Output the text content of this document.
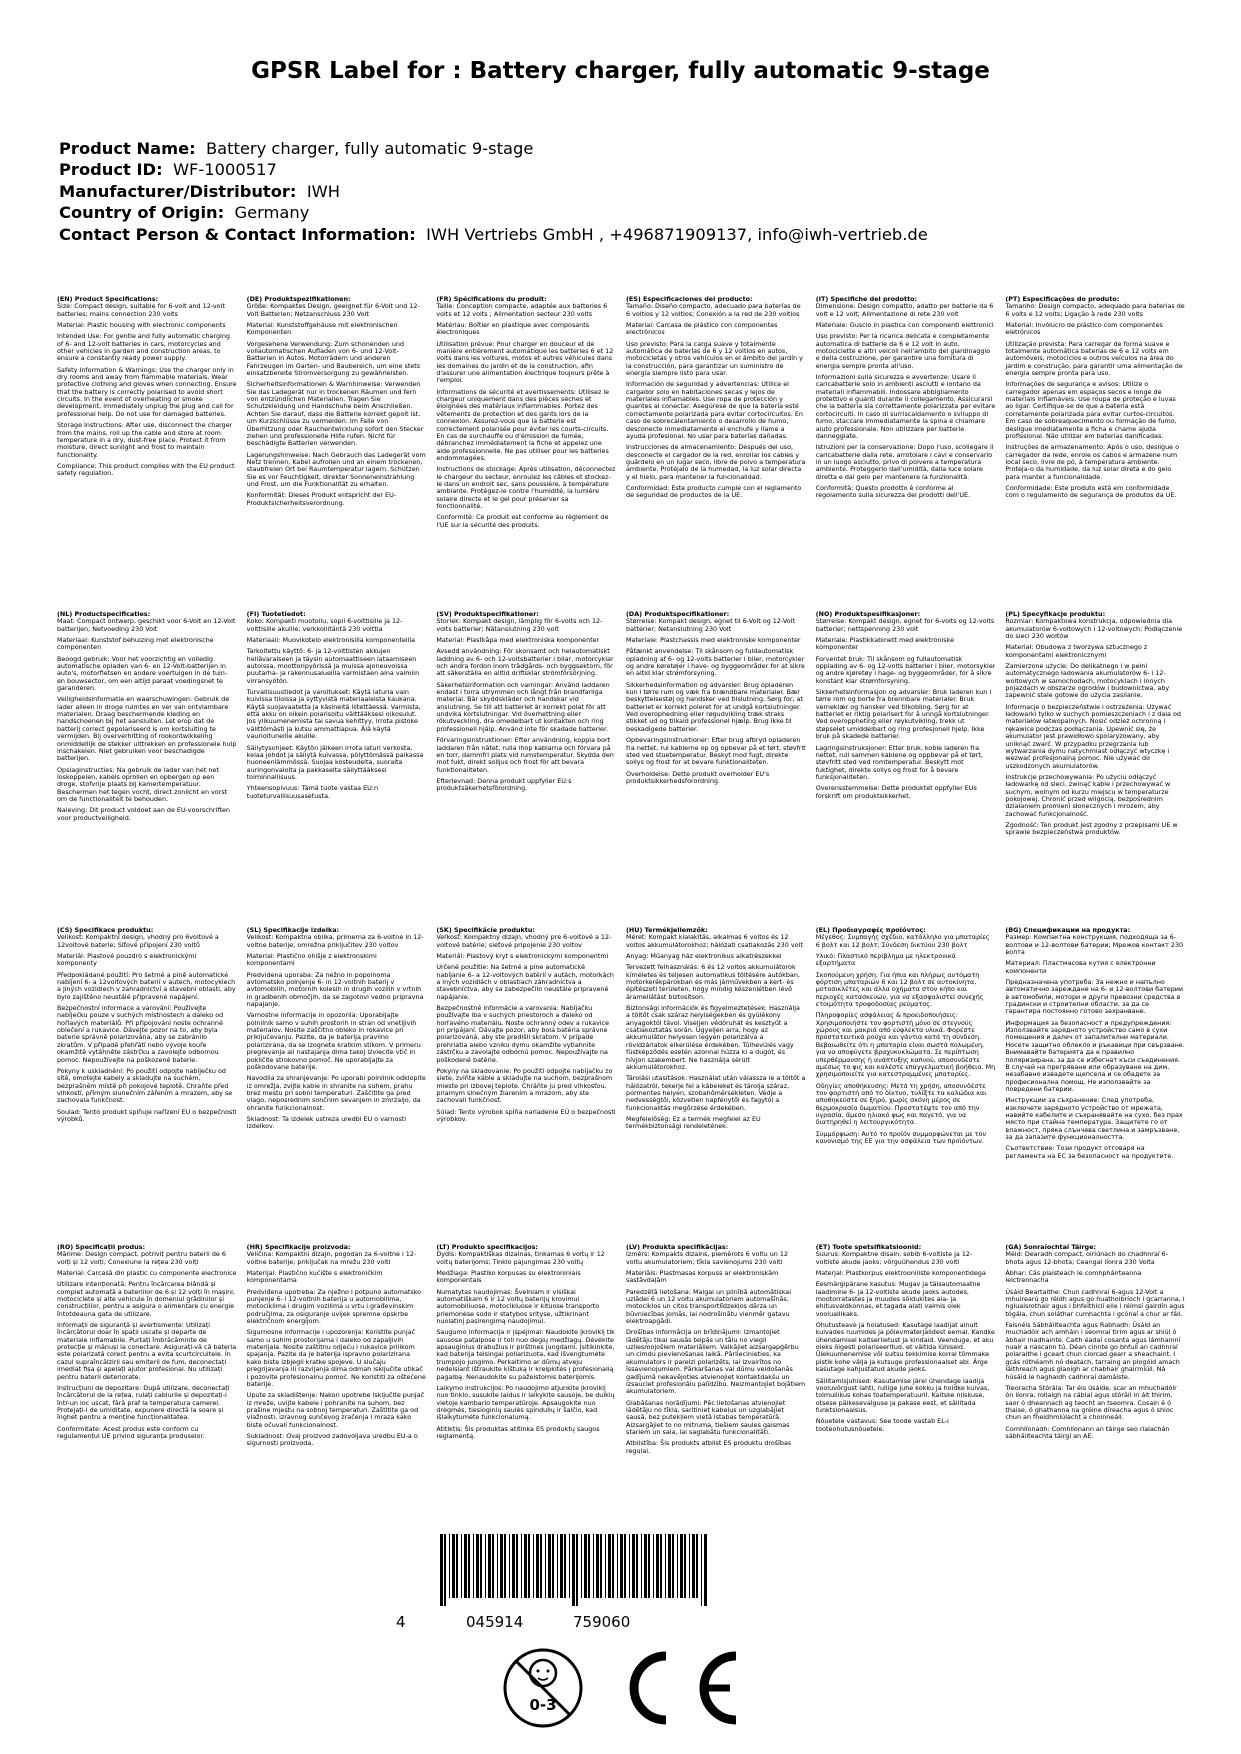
GPSR Label for : Battery charger, fully automatic 9-stage
Product Name: Battery charger, fully automatic 9-stage
Product ID: WF-1000517
Manufacturer/Distributor: IWH
Country of Origin: Germany
Contact Person & Contact Information: IWH Vertriebs GmbH , +496871909137, info@iwh-vertrieb.de
(EN) Product Specifications:

Size: Compact design, suitable for 6-volt and 12-volt batteries; mains connection 230 volts

Material: Plastic housing with electronic components

Intended Use: For gentle and fully automatic charging of 6- and 12-volt batteries in cars, motorcycles and other vehicles in garden and construction areas, to ensure a constantly ready power supply.

Safety Information & Warnings: Use the charger only in dry rooms and away from flammable materials. Wear protective clothing and gloves when connecting. Ensure that the battery is correctly polarised to avoid short circuits. In the event of overheating or smoke development, immediately unplug the plug and call for professional help. Do not use for damaged batteries.

Storage Instructions: After use, disconnect the charger from the mains, roll up the cable and store at room temperature in a dry, dust-free place. Protect it from moisture, direct sunlight and frost to maintain functionality.

Compliance: This product complies with the EU product safety regulation.

(DE) Produktspezifikationen:

Größe: Kompaktes Design, geeignet für 6-Volt und 12-Volt Batterien; Netzanschluss 230 Volt

Material: Kunststoffgehäuse mit elektronischen Komponenten

Vorgesehene Verwendung: Zum schonenden und vollautomatischen Aufladen von 6- und 12-Volt-Batterien in Autos, Motorrädern und anderen Fahrzeugen im Garten- und Baubereich, um eine stets einsatzbereite Stromversorgung zu gewährleisten.

Sicherheitsinformationen & Warnhinweise: Verwenden Sie das Ladegerät nur in trockenen Räumen und fern von entzündlichen Materialien. Tragen Sie Schutzkleidung und Handschuhe beim Anschließen. Achten Sie darauf, dass die Batterie korrekt gepolt ist, um Kurzschlüsse zu vermeiden. Im Falle von Überhitzung oder Rauchentwicklung sofort den Stecker ziehen und professionelle Hilfe rufen. Nicht für beschädigte Batterien verwenden.

Lagerungshinweise: Nach Gebrauch das Ladegerät vom Netz trennen, Kabel aufrollen und an einem trockenen, staubfreien Ort bei Raumtemperatur lagern. Schützen Sie es vor Feuchtigkeit, direkter Sonneneinstrahlung und Frost, um die Funktionalität zu erhalten.

Konformität: Dieses Produkt entspricht der EU-Produktsicherheitsverordnung.

(FR) Spécifications du produit:

Taille: Conception compacte, adaptée aux batteries 6 volts et 12 volts ; Alimentation secteur 230 volts

Matériau: Boîtier en plastique avec composants électroniques

Utilisation prévue: Pour charger en douceur et de manière entièrement automatique les batteries 6 et 12 volts dans les voitures, motos et autres véhicules dans les domaines du jardin et de la construction, afin d'assurer une alimentation électrique toujours prête à l'emploi.

Informations de sécurité et avertissements: Utilisez le chargeur uniquement dans des pièces sèches et éloignées des matériaux inflammables. Portez des vêtements de protection et des gants lors de la connexion. Assurez-vous que la batterie est correctement polarisée pour éviter les courts-circuits. En cas de surchauffe ou d'émission de fumée, débranchez immédiatement la fiche et appelez une aide professionnelle. Ne pas utiliser pour les batteries endommagées.

Instructions de stockage: Après utilisation, déconnectez le chargeur du secteur, enroulez les câbles et stockez-le dans un endroit sec, sans poussière, à température ambiante. Protégez-le contre l'humidité, la lumière solaire directe et le gel pour préserver sa fonctionnalité.

Conformité: Ce produit est conforme au règlement de l'UE sur la sécurité des produits.

(ES) Especificaciones del producto:

Tamaño: Diseño compacto, adecuado para baterías de 6 voltios y 12 voltios; Conexión a la red de 230 voltios

Material: Carcasa de plástico con componentes electrónicos

Uso previsto: Para la carga suave y totalmente automática de baterías de 6 y 12 voltios en autos, motocicletas y otros vehículos en el ámbito del jardín y la construcción, para garantizar un suministro de energía siempre listo para usar.

Información de seguridad y advertencias: Utilice el cargador solo en habitaciones secas y lejos de materiales inflamables. Use ropa de protección y guantes al conectar. Asegúrese de que la batería esté correctamente polarizada para evitar cortocircuitos. En caso de sobrecalentamiento o desarrollo de humo, desconecte inmediatamente el enchufe y llame a ayuda profesional. No usar para baterías dañadas.

Instrucciones de almacenamiento: Después del uso, desconecte el cargador de la red, enrollar los cables y guárdelo en un lugar seco, libre de polvo a temperatura ambiente. Protéjalo de la humedad, la luz solar directa y el hielo, para mantener la funcionalidad.

Conformidad: Este producto cumple con el reglamento de seguridad de productos de la UE.

(IT) Specifiche del prodotto:

Dimensione: Design compatto, adatto per batterie da 6 volt e 12 volt; Alimentazione di rete 230 volt

Materiale: Guscio in plastica con componenti elettronici

Uso previsto: Per la ricarica delicata e completamente automatica di batterie da 6 e 12 volt in auto, motociclette e altri veicoli nell'ambito del giardinaggio e della costruzione, per garantire una fornitura di energia sempre pronta all'uso.

Informazioni sulla sicurezza e avvertenze: Usare il caricabatterie solo in ambienti asciutti e lontano da materiali infiammabili. Indossare abbigliamento protettivo e guanti durante il collegamento. Assicurarsi che la batteria sia correttamente polarizzata per evitare cortocircuiti. In caso di surriscaldamento o sviluppo di fumo, staccare immediatamente la spina e chiamare aiuto professionale. Non utilizzare per batterie danneggiate.

Istruzioni per la conservazione: Dopo l'uso, scollegare il caricabatterie dalla rete, arrotolare i cavi e conservarlo in un luogo asciutto, privo di polvere a temperatura ambiente. Proteggerlo dall'umidità, dalla luce solare diretta e dal gelo per mantenere la funzionalità.

Conformità: Questo prodotto è conforme al regolamento sulla sicurezza dei prodotti dell'UE.

(PT) Especificações do produto:

Tamanho: Design compacto, adequado para baterias de 6 volts e 12 volts; Ligação à rede 230 volts

Material: Invólucro de plástico com componentes eletrónicos

Utilização prevista: Para carregar de forma suave e totalmente automática baterias de 6 e 12 volts em automóveis, motociclos e outros veículos na área do jardim e construção, para garantir uma alimentação de energia sempre pronta para uso.

Informações de segurança e avisos: Utilize o carregador apenas em espaços secos e longe de materiais inflamáveis. Use roupa de proteção e luvas ao ligar. Certifique-se de que a bateria está corretamente polarizada para evitar curtos-circuitos. Em caso de sobreaquecimento ou formação de fumo, desligue imediatamente a ficha e chame ajuda profissional. Não utilizar em baterias danificadas.

Instruções de armazenamento: Após o uso, desligue o carregador da rede, enrole os cabos e armazene num local seco, livre de pó, à temperatura ambiente. Proteja-o da humidade, da luz solar direta e do gelo para manter a funcionalidade.

Conformidade: Este produto está em conformidade com o regulamento de segurança de produtos da UE.

(NL) Productspecificaties:

Maat: Compact ontwerp, geschikt voor 6-Volt en 12-Volt batterijen; Netvoeding 230 Volt

Materiaal: Kunststof behuizing met elektronische componenten

Beoogd gebruik: Voor het voorzichtig en volledig automatische opladen van 6- en 12-Volt-batterijen in auto's, motorfietsen en andere voertuigen in de tuin- en bouwsector, om een altijd paraat voedingsnet te garanderen.

Veiligheidsinformatie en waarschuwingen: Gebruik de lader alleen in droge ruimtes en ver van ontvlambare materialen. Draag beschermende kleding en handschoenen bij het aansluiten. Let erop dat de batterij correct gepolariseerd is om kortsluiting te vermijden. Bij oververhitting of rookontwikkeling onmiddellijk de stekker uittrekken en professionele hulp inschakelen. Niet gebruiken voor beschadigde batterijen.

Opslaginstructies: Na gebruik de lader van het net loskoppelen, kabels oprollen en opbergen op een droge, stofvrije plaats bij kamertemperatuur. Beschermen het tegen vocht, direct zonlicht en vorst om de functionaliteit te behouden.

Naleving: Dit product voldoet aan de EU-voorschriften voor productveiligheid.

(FI) Tuotetiedot:

Koko: Kompakti muotoilu, sopii 6-volttisille ja 12-volttisille akuille; verkkoliitäntä 230 volttia

Materiaali: Muovikotelo elektronisilla komponenteilla

Tarkoitettu käyttö: 6- ja 12-volttisten akkujen hellävaraiseen ja täysin automaattiseen lataamiseen autoissa, moottoripyörissä ja muissa ajoneuvoissa puutarha- ja rakennusalueilla varmistaen aina valmiin virransyötön.

Turvallisuustiedot ja varoitukset: Käytä laturia vain kuivissa tiloissa ja syttyvistä materiaaleista kaukana. Käytä suojavaatetta ja käsineitä liitettäessä. Varmista, että akku on oikein polarisoitu välttääksesi oikosulut. Jos ylikuumenemista tai savua kehittyy, irrota pistoke välittömästi ja kutsu ammattiapua. Älä käytä vaurioituneille akuille.

Säilytysohjeet: Käytön jälkeen irrota laturi verkosta, kelaa johdot ja säilytä kuivassa, pölyttömässä paikassa huoneenlämmössä. Suojaa kosteudelta, suoralta auringonvalolta ja pakkaselta säilyttääksesi toiminnallisuus.

Yhteensopivuus: Tämä tuote vastaa EU:n tuoteturvallisuusasetusta.

(SV) Produktspecifikationer:

Storlek: Kompakt design, lämplig för 6-volts och 12-volts batterier; Nätanslutning 230 volt

Material: Plastkåpa med elektroniska komponenter

Avsedd användning: För skonsamt och helautomatiskt laddning av 6- och 12-voltsbatterier i bilar, motorcyklar och andra fordon inom trädgårds- och byggsektorn, för att säkerställa en alltid driftsklar strömförsörjning.

Säkerhetsinformation och varningar: Använd laddaren endast i torra utrymmen och långt från brandfarliga material. Bär skyddskläder och handskar vid anslutning. Se till att batteriet är korrekt polat för att undvika kortslutningar. Vid överhettning eller rökutveckling, dra omedelbart ut kontakten och ring professionell hjälp. Använd inte för skadade batterier.

Förvaringsinstruktioner: Efter användning, koppla bort laddaren från nätet, rulla ihop kablarna och förvara på en torr, dammfri plats vid rumstemperatur. Skydda den mot fukt, direkt solljus och frost för att bevara funktionaliteten.

Efterlevnad: Denna produkt uppfyller EU:s produktsäkerhetsförordning.

(DA) Produktspecifikationer:

Størrelse: Kompakt design, egnet til 6-Volt og 12-Volt batterier; Netanslutning 230 Volt

Materiale: Plastchassis med elektroniske komponenter

Påtænkt anvendelse: Til skånsom og fuldautomatisk opladning af 6- og 12-volts batterier i biler, motorcykler og andre køretøjer i have- og byggeområder for at sikre en altid klar strømforsyning.

Sikkerhedsinformation og advarsler: Brug opladeren kun i tørre rum og væk fra brændbare materialer. Bær beskyttelsestøj og handsker ved tilslutning. Sørg for, at batteriet er korrekt poleret for at undgå kortslutninger. Ved overophedning eller røgudvikling træk straks stikket ud og tilkald professionel hjælp. Brug ikke til beskadigede batterier.

Opbevaringsinstruktioner: Efter brug afbryd opladeren fra nettet, rul kablerne op og opbevar på et tørt, støvfrit sted ved stuetemperatur. Beskyt mod fugt, direkte sollys og frost for at bevare funktionaliteten.

Overholdelse: Dette produkt overholder EU's produktsikkerhedsforordning.

(NO) Produktspesifikasjoner:

Størrelse: Kompakt design, egnet for 6-volts og 12-volts batterier; nettspenning 230 volt

Materiale: Plastikkabinett med elektroniske komponenter

Forventet bruk: Til skånsom og fullautomatisk opplading av 6- og 12-volts batterier i biler, motorsykler og andre kjøretøy i hage- og byggeområder, for å sikre konstant klar strømforsyning.

Sikkerhetsinformasjon og advarsler: Bruk laderen kun i tørre rom og borte fra brennbare materialer. Bruk verneklær og hansker ved tilkobling. Sørg for at batteriet er riktig polarisert for å unngå kortslutninger. Ved overoppheting eller røykutvikling, trekk ut støpselet umiddelbart og ring profesjonell hjelp. Ikke bruk på skadede batterier.

Lagringsinstruksjoner: Etter bruk, koble laderen fra nettet, rull sammen kablene og oppbevar på et tørt, støvfritt sted ved romtemperatur. Beskytt mot fuktighet, direkte sollys og frost for å bevare funksjonaliteten.

Overensstemmelse: Dette produktet oppfyller EUs forskrift om produktsikkerhet.

(PL) Specyfikacje produktu:

Rozmiar: Kompaktowa konstrukcja, odpowiednia dla akumulatorów 6-voltowych i 12-voltowych; Podłączenie do sieci 230 woltów

Materiał: Obudowa z tworzywa sztucznego z komponentami elektronicznymi

Zamierzone użycie: Do delikatnego i w pełni automatycznego ładowania akumulatorów 6- i 12-woltowych w samochodach, motocyklach i innych pojazdach w obszarze ogrodów i budownictwa, aby zapewnić stale gotowe do użycia zasilanie.

Informacje o bezpieczeństwie i ostrzeżenia: Używać ładowarki tylko w suchych pomieszczeniach i z dala od materiałów łatwopalnych. Nosić odzież ochronną i rękawice podczas podłączania. Upewnić się, że akumulator jest prawidłowo spolaryzowany, aby uniknąć zwarć. W przypadku przegrzania lub wytwarzania dymu natychmiast odłączyć wtyczkę i wezwać profesjonalną pomoc. Nie używać do uszkodzonych akumulatorów.

Instrukcje przechowywania: Po użyciu odłączyć ładowarkę od sieci, zwinąć kable i przechowywać w suchym, wolnym od kurzu miejscu w temperaturze pokojowej. Chronić przed wilgocią, bezpośrednim działaniem promieni słonecznych i mrozem, aby zachować funkcjonalność.

Zgodność: Ten produkt jest zgodny z przepisami UE w sprawie bezpieczeństwa produktów.

(CS) Specifikace produktu:

Velikost: Kompaktní design, vhodný pro 6voltové a 12voltové baterie; Síťové připojení 230 voltů

Materiál: Plastové pouzdro s elektronickými komponenty

Předpokládané použití: Pro šetrné a plně automatické nabíjení 6- a 12voltových baterií v autech, motocyklech a jiných vozidlech v zahradnictví a stavební oblasti, aby bylo zajištěno neustálé připravené napájení.

Bezpečnostní informace a varování: Používejte nabíječku pouze v suchých místnostech a daleko od hořlavých materiálů. Při připojování noste ochranné oblečení a rukavice. Dávejte pozor na to, aby byla baterie správně polarizována, aby se zabránilo zkratům. V případě přehřátí nebo vývoje kouře okamžitě vytáhněte zástrčku a zavolejte odbornou pomoc. Nepoužívejte na poškozené baterie.

Pokyny k uskladnění: Po použití odpojte nabíječku od sítě, omotejte kabely a skladujte na suchém, bezprašném místě při pokojové teplotě. Chraňte před vlhkostí, přímým slunečním zářením a mrazem, aby se zachovala funkčnost.

Soulad: Tento produkt splňuje nařízení EU o bezpečnosti výrobků.

(SL) Specifikacije izdelka:

Velikost: Kompaktna oblika, primerna za 6-voltne in 12-voltne baterije; omrežna priključitev 230 voltov

Material: Plastično ohišje z elektronskimi komponentami

Predvidena uporaba: Za nežno in popolnoma avtomatsko polnjenje 6- in 12-voltnih baterij v avtomobilih, motornih kolesih in drugih vozilih v vrtnih in gradbenih območjih, da se zagotovi vedno pripravna napajanje.

Varnostne informacije in opozorila: Uporabljajte polnilnik samo v suhih prostorih in stran od vnetljivih materialov. Nosite zaščitno obleko in rokavice pri priključevanju. Pazite, da je baterija pravilno polarizirana, da se izognete kratkim stikom. V primeru pregrevanja ali nastajanja dima takoj izvlecite vtič in pokličite strokovno pomoč. Ne uporabljajte za poškodovane baterije.

Navodila za shranjevanje: Po uporabi polnilnik odklopite iz omrežja, zvijte kable in shranite na suhem, prahu brez mestu pri sobni temperaturi. Zaščitite ga pred vlago, neposrednim sončnim sevanjem in zmrzaljo, da ohranite funkcionalnost.

Skladnost: Ta izdelek ustreza uredbi EU o varnosti izdelkov.

(SK) Špecifikácie produktu:

Veľkosť: Kompaktný dizajn, vhodný pre 6-voltové a 12-voltové batérie; sieťové pripojenie 230 voltov

Materiál: Plastový kryt s elektronickými komponentmi

Určené použitie: Na šetrné a plne automatické nabíjanie 6- a 12-voltových batérií v autách, motorkách a iných vozidlách v oblastiach záhradníctva a stavebníctva, aby sa zabezpečilo neustále pripravené napájanie.

Bezpečnostné informácie a varovania: Nabíjačku používajte iba v suchých priestoroch a ďaleko od horľavého materiálu. Noste ochranný odev a rukavice pri pripájaní. Dávajte pozor, aby bola batéria správne polarizovaná, aby ste predišli skratom. V prípade prehriatia alebo vzniku dymu okamžite vytiahnite zástrčku a zavolajte odbornú pomoc. Nepoužívajte na poškodené batérie.

Pokyny na skladovanie: Po použití odpojte nabíjačku zo siete, zviňte káble a skladujte na suchom, bezprašnom mieste pri izbovej teplote. Chráňte ju pred vlhkosťou, priamym slnečným žiarením a mrazom, aby ste zachovali funkčnosť.

Súlad: Tento výrobok spĺňa nariadenie EÚ o bezpečnosti výrobkov.

(HU) Termékjellemzők:

Méret: Kompakt kialakítás, alkalmas 6 voltos és 12 voltos akkumulátorokhoz; hálózati csatlakozás 230 volt

Anyag: Műanyag ház elektronikus alkatrészekkel

Tervezett felhasználás: 6 és 12 voltos akkumulátorok kíméletes és teljesen automatikus töltésére autókban, motorkerékpárokban és más járművekben a kert- és építészeti területen, hogy mindig készenlétben lévő áramellátást biztosítson.

Biztonsági információk és figyelmeztetések: Használja a töltőt csak száraz helyiségekben és gyúlékony anyagoktól távol. Viseljen védőruhát és kesztyűt a csatlakoztatás során. Ügyeljen arra, hogy az akkumulátor helyesen legyen polarizálva a rövidzárlatok elkerülése érdekében. Túlhevülés vagy füstképződés esetén azonnal húzza ki a dugót, és hívjon szakembert. Ne használja sérült akkumulátorokhoz.

Tárolási utasítások: Használat után válassza le a töltőt a hálózatról, tekerje fel a kábeleket és tárolja száraz, pormentes helyen, szobahőmérsékleten. Védje a nedvességtől, közvetlen napfénytől és fagytól a funkcionalitás megőrzése érdekében.

Megfelelőség: Ez a termék megfelel az EU termékbiztonsági rendeletének.

(EL) Προδιαγραφές προϊόντος:

Μέγεθος: Συμπαγής σχέδιο, κατάλληλο για μπαταρίες 6 βολτ και 12 βολτ; Σύνδεση δικτύου 230 βολτ

Υλικό: Πλαστικό περίβλημα με ηλεκτρονικά εξαρτήματα

Σκοπούμενη χρήση: Για ήπια και πλήρως αυτόματη φόρτιση μπαταριών 6 και 12 βολτ σε αυτοκίνητα, μοτοσικλέτες και άλλα οχήματα στον κήπο και περιοχές κατασκευών, για να εξασφαλιστεί συνεχής ετοιμότητα τροφοδοσίας ρεύματος.

Πληροφορίες ασφάλειας & προειδοποιήσεις: Χρησιμοποιήστε τον φορτιστή μόνο σε στεγνούς χώρους και μακριά από εύφλεκτα υλικά. Φορέστε προστατευτικά ρούχα και γάντια κατά τη σύνδεση. Βεβαιωθείτε ότι η μπαταρία είναι σωστά πολωμένη, για να αποφύγετε βραχυκυκλώματα. Σε περίπτωση υπερθέρμανσης ή ανάπτυξης καπνού, αποσυνδέστε αμέσως το φις και καλέστε επαγγελματική βοήθεια. Μη χρησιμοποιείτε για κατεστραμμένες μπαταρίες.

Οδηγίες αποθήκευσης: Μετά τη χρήση, αποσυνδέστε τον φορτιστή από το δίκτυο, τυλίξτε τα καλώδια και αποθηκεύστε σε ξηρό, χωρίς σκόνη μέρος σε θερμοκρασία δωματίου. Προστατέψτε τον από την υγρασία, άμεσο ηλιακό φως και παγετό, για να διατηρηθεί η λειτουργικότητα.

Συμμόρφωση: Αυτό το προϊόν συμμορφώνεται με τον κανονισμό της ΕΕ για την ασφάλεια των προϊόντων.

(BG) Спецификации на продукта:

Размер: Компактна конструкция, подходяща за 6-волтови и 12-волтови батерии; Мрежов контакт 230 волта

Материал: Пластмасова кутия с електронни компоненти

Предназначена употреба: За нежно и напълно автоматично зареждане на 6- и 12-волтови батерии в автомобили, мотори и други превозни средства в градински и строителни области, за да се гарантира постоянно готово захранване.

Информация за безопасност и предупреждения: Използвайте зарядното устройство само в сухи помещения и далеч от запалителни материали. Носете защитно облекло и ръкавици при свързване. Внимавайте батерията да е правилно поляризирана, за да се избегнат къси съединения. В случай на прегряване или образуване на дим, незабавно извадете щепсела и се обадете за професионална помощ. Не използвайте за повредени батерии.

Инструкции за съхранение: След употреба, изключете зарядното устройство от мрежата, навийте кабелите и съхранявайте на сухо, без прах място при стайна температура. Защитете го от влажност, пряка слънчева светлина и замръзване, за да запазите функционалността.

Съответствие: Този продукт отговаря на регламента на ЕС за безопасност на продуктите.

(RO) Specificații produs:

Mărime: Design compact, potrivit pentru baterii de 6 volți și 12 volți; Conexiune la rețea 230 volți

Material: Carcasă din plastic cu componente electronice

Utilizare intenționată: Pentru încărcarea blândă și complet automată a bateriilor de 6 și 12 volți în mașini, motociclete și alte vehicule în domeniul grădinilor și construcțiilor, pentru a asigura o alimentare cu energie întotdeauna gata de utilizare.

Informații de siguranță și avertismente: Utilizați încărcătorul doar în spații uscate și departe de materiale inflamabile. Purtați îmbrăcăminte de protecție și mănuși la conectare. Asigurați-vă că bateria este polarizată corect pentru a evita scurtcircuitele. În cazul supraîncălzirii sau emiterii de fum, deconectați imediat fișa și apelați ajutor profesional. Nu utilizați pentru baterii deteriorate.

Instrucțiuni de depozitare: După utilizare, deconectați încărcătorul de la rețea, rulați cablurile și depozitați-l într-un loc uscat, fără praf la temperatura camerei. Protejați-l de umiditate, expunere directă la soare și înghet pentru a menține funcționalitatea.

Conformitate: Acest produs este conform cu regulamentul UE privind siguranța produselor.

(HR) Specifikacije proizvoda:

Veličina: Kompaktni dizajn, pogodan za 6-voltne i 12-voltne baterije; priključak na mrežu 230 volti

Materijal: Plastično kućište s elektroničkim komponentama

Predviđena upotreba: Za nježno i potpuno automatsko punjenje 6- i 12-voltnih baterija u automobilima, motociklima i drugim vozilima u vrtu i građevinskim područjima, za osiguranje uvijek spremne opskrbe električnom energijom.

Sigurnosne informacije i upozorenja: Koristite punjač samo u suhim prostorijama i daleko od zapaljivih materijala. Nosite zaštitnu odjeću i rukavice prilikom spajanja. Pazite da je baterija ispravno polarizirana kako biste izbjegli kratke spojeve. U slučaju pregrijavanja ili razvijanja dima odmah isključite utikač i pozovite profesionalnu pomoć. Ne koristiti za oštećene baterije.

Upute za skladištenje: Nakon upotrebe isključite punjač iz mreže, uvijte kabele i pohranite na suhom, bez prašine mjestu na sobnoj temperaturi. Zaštitite ga od vlažnosti, izravnog sunčevog zračenja i mraza kako biste očuvali funkcionalnost.

Sukladnost: Ovaj proizvod zadovoljava uredbu EU-a o sigurnosti proizvoda.

(LT) Produkto specifikacijos:

Dydis: Kompaktiškas dizainas, tinkamas 6 voltų ir 12 voltų baterijoms; Tinklo pajungimas 230 voltų

Medžiaga: Plastiko korpusas su elektroniniais komponentais

Numatytas naudojimas: Švelniam ir visiškai automatiškam 6 ir 12 voltų baterijų krovimui automobiliuose, motocikluose ir kituose transporto priemonėse sodo ir statybos srityse, užtikrinant nuolatinį pasirengimą naudojimui.

Saugumo informacija ir įspėjimai: Naudokite įkroviklį tik sausose patalpose ir toli nuo degių medžiagų. Dėvėkite apsauginius drabužius ir pirštines jungdami. Įsitikinkite, kad baterija teisingai poliarizuota, kad išvengtumėte trumpojo jungimo. Perkaitimo ar dūmų atveju nedelsiant ištraukite kištuką ir kreipkitės į profesionalią pagalbą. Nenaudokite su pažeistomis baterijomis.

Laikymo instrukcijos: Po naudojimo atjunkite įkroviklį nuo tinklo, susukite laidus ir laikykite sausoje, be dulkių vietoje kambario temperatūroje. Apsaugokite nuo drėgmės, tiesioginių saulės spindulių ir šalčio, kad išlaikytumėte funkcionalumą.

Atitiktis: Šis produktas atitinka ES produktų saugos reglamentą.

(LV) Produkta specifikācijas:

Izmērs: Kompakts dizains, piemērots 6 voltu un 12 voltu akumulatoriem; tīkla savienojums 230 volti

Materiāls: Plastmasas korpuss ar elektroniskām sastāvdaļām

Paredzētā lietošana: Maigai un pilnībā automātiskai uzlādei 6 un 12 voltu akumulatoriem automašīnās, motociklos un citos transportlīdzekļos dārza un būvniecības jomās, lai nodrošinātu vienmēr gatavu elektroapgādi.

Drošības informācija un brīdinājumi: Izmantojiet lādētāju tikai sausās telpās un tālu no viegli uzliesmojošiem materiāliem. Valkājiet aizsargapģērbu un cimdu pievienošanas laikā. Pārliecinieties, ka akumulators ir pareizi polarizēts, lai izvairītos no īssavienojumiem. Pārkaršanas vai dūmu veidošanās gadījumā nekavējoties atvienojiet kontaktdakšu un izsauciet profesionālu palīdzību. Neizmantojiet bojātiem akumulatoriem.

Glabāšanas norādījumi: Pēc lietošanas atvienojiet lādētāju no tīkla, saritiniet kabeļus un uzglabājiet sausā, bez putekļiem vietā istabas temperatūrā. Aizsargājiet to no mitruma, tiešiem saules gaismas stariem un sala, lai saglabātu funkcionalitāti.

Atbilstība: Šis produkts atbilst ES produktu drošības regulai.

(ET) Toote spetsifikatsioonid:

Suurus: Kompaktne disain, sobib 6-voltiste ja 12-voltiste akude jaoks; võrguühendus 230 volti

Materjal: Plastkorpus elektrooniliste komponentidega

Eesmärgipärane kasutus: Mugav ja täisautomaatne laadimine 6- ja 12-voltiste akude jaoks autodes, mootorratastes ja muudes sõidukites aia- ja ehitusvaldkonnas, et tagada alati valmis olek vooluallikaks.

Ohutusteave ja hoiatused: Kasutage laadijat ainult kuivades ruumides ja põlevmaterjalidest eemal. Kandke ühendamisel kaitseriietust ja kindaid. Veenduge, et aku oleks õigesti polariseeritud, et vältida lühiseid. Ülekuumenemise või suitsu tekkimise korral tõmmake pistik kohe välja ja kutsuge professionaalset abi. Ärge kasutage kahjustatud akude jaoks.

Säilitamisjuhised: Kasutamise järel ühendage laadija vooluvõrgust lahti, rullige juhe kokku ja hoidke kuivas, tolmuliikus kohas toatemperatuuril. Kaitske niiskuse, otsese päikesevalguse ja pakase eest, et säilitada funktsionaalsus.

Nõuetele vastavus: See toode vastab EL-i tooteohutusnõuetele.

(GA) Sonraíochtaí Táirge:

Méid: Dearadh compact, oiriúnach do chadhnraí 6-bhota agus 12-bhota; Ceangal líonra 230 Volta

Ábhar: Cás plaisteach le comhpháirteanna leictreonacha

Úsáid Beartaithe: Chun cadhnraí 6-agus 12-Volt a mhuirearú go réidh agus go huathoibríoch i gcarranna, i ngluaisrothair agus i bhfeithiclí eile i réimsí gairdín agus tógála, chun soláthar cumhachta i gcónaí a chur ar fáil.

Faisnéis Sábháilteachta agus Rabhadh: Úsáid an muchadóir ach amháin i seomraí tirim agus ar shiúl ó ábhair inadhainte. Caith éadaí cosanta agus lámhainní nuair a nascann tú. Déan cinnte go bhfuil an cadhnraí polaraithe i gceart chun ciorcad gearr a sheachaint. I gcás róthéamh nó deatach, tarraing an plogóid amach láithreach agus glaoigh ar chabhair ghairmiúil. Ná húsáid le haghaidh cadhnraí damáiste.

Treoracha Stórála: Tar éis úsáide, scar an mhuchadóir ón líonra, rollaigh na cáblaí agus stóráil in áit thirim, saor ó dheannach ag teocht an tseomra. Cosain é ó thaise, ó ghathanna na gréine díreacha agus ó shioc chun an fheidhmiúlacht a choinneáil.

Comhlíonadh: Comhlíonann an táirge seo rialachán sábháilteachta táirgí an AE.

4	045914	759060
0-3
